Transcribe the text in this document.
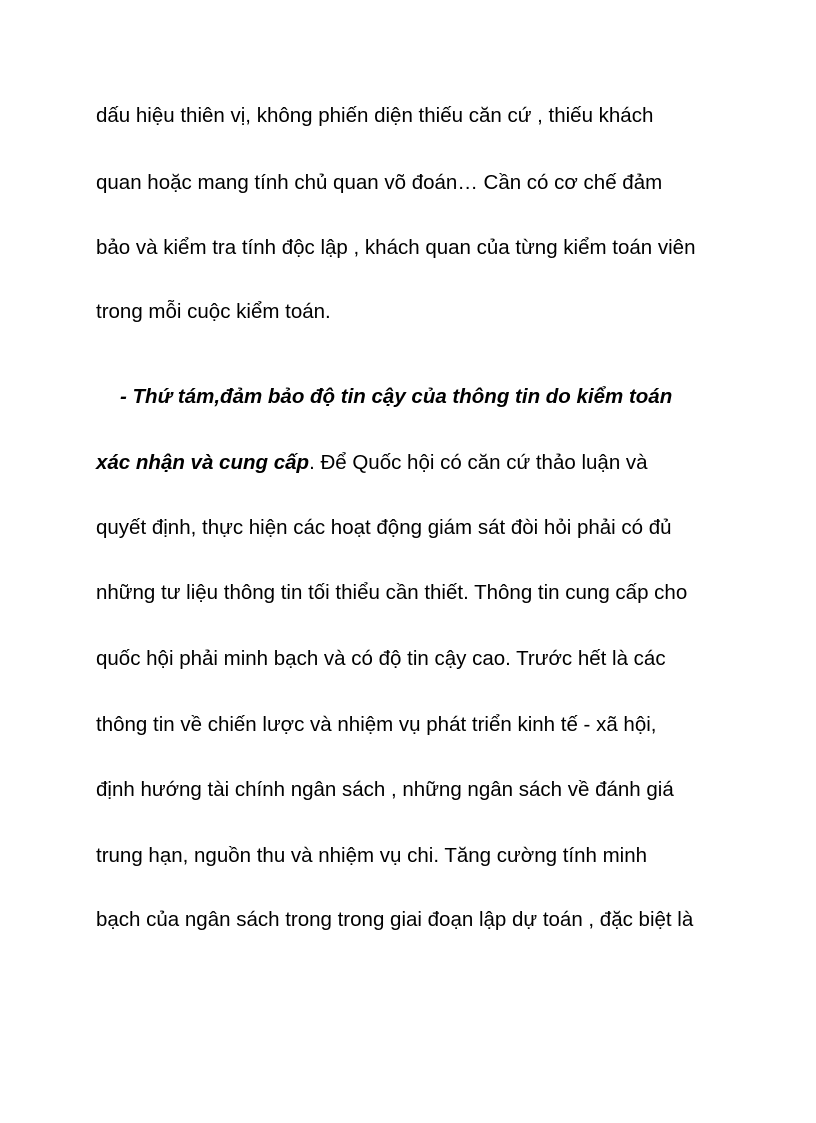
dấu hiệu thiên vị, không phiến diện thiếu căn cứ , thiếu khách
quan hoặc mang tính chủ quan võ đoán… Cần có cơ chế đảm
bảo và kiểm tra tính độc lập , khách quan của từng kiểm toán viên
trong mỗi cuộc kiểm toán.
- Thứ tám,đảm bảo độ tin cậy của thông tin do kiểm toán
xác nhận và cung cấp. Để Quốc hội có căn cứ thảo luận và
quyết định, thực hiện các hoạt động giám sát đòi hỏi phải có đủ
những tư liệu thông tin tối thiểu cần thiết. Thông tin cung cấp cho
quốc hội phải minh bạch và có độ tin cậy cao. Trước hết là các
thông tin về chiến lược và nhiệm vụ phát triển kinh tế - xã hội,
định hướng tài chính ngân sách , những ngân sách về đánh giá
trung hạn, nguồn thu và nhiệm vụ chi. Tăng cường tính minh
bạch của ngân sách trong trong giai đoạn lập dự toán , đặc biệt là
